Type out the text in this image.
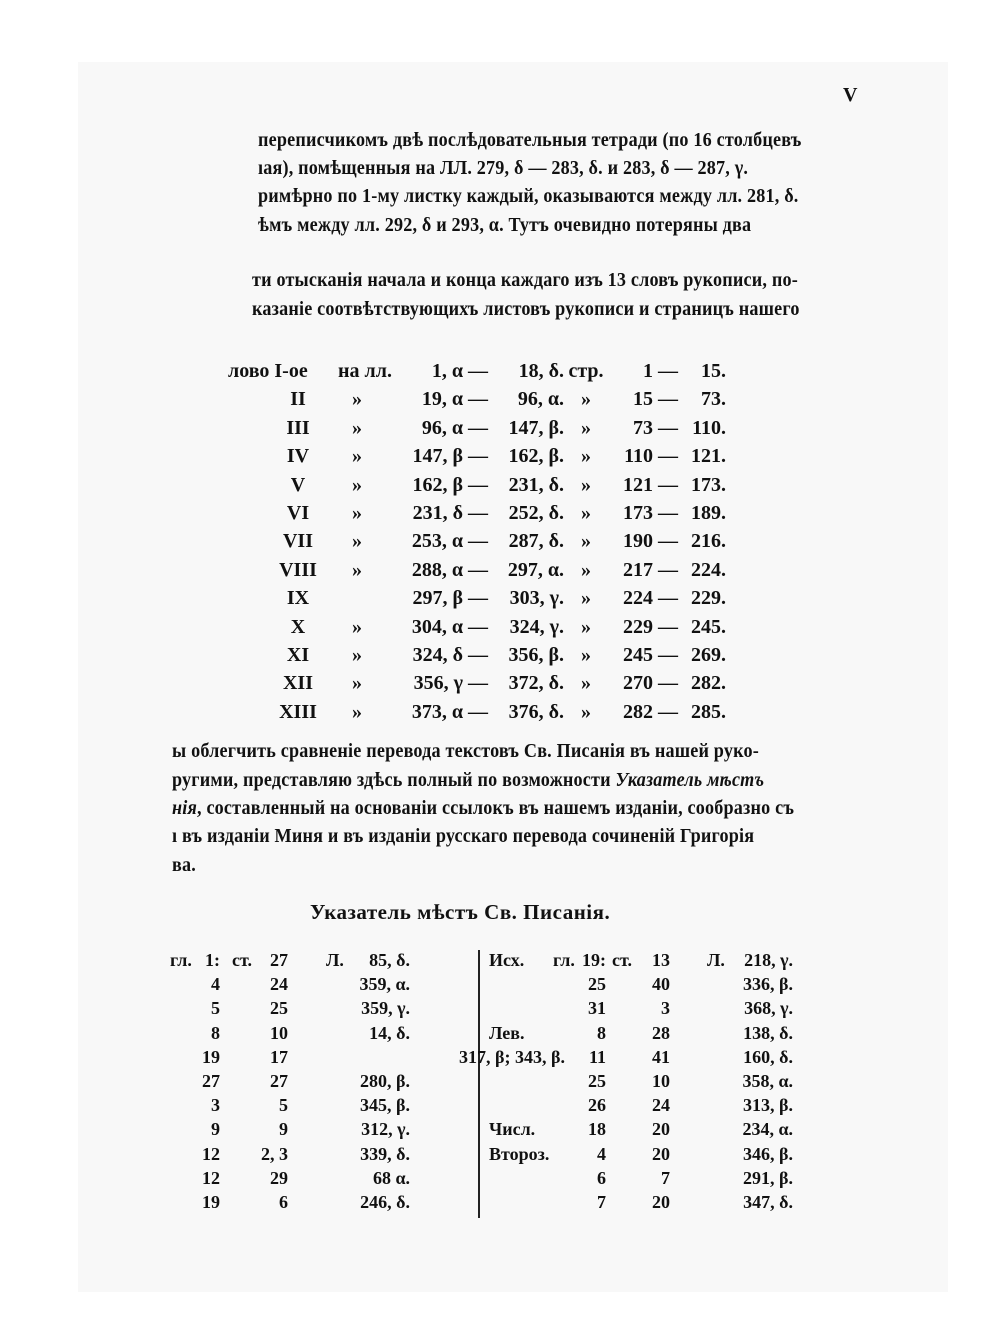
V
переписчикомъ двѣ послѣдовательныя тетради (по 16 столбцевъ
ıая), помѣщенныя на ЛЛ. 279, δ — 283, δ. и 283, δ — 287, γ.
римѣрно по 1-му листку каждый, оказываются между лл. 281, δ.
ѣмъ между лл. 292, δ и 293, α. Тутъ очевидно потеряны два
ти отысканія начала и конца каждаго изъ 13 словъ рукописи, по-
казаніе соотвѣтствующихъ листовъ рукописи и страницъ нашего
лово I-ое на лл. 1, α — 18, δ. стр. 1 — 15.
II	»	19, α — 96, α. »	15 — 73.
III	»	96, α — 147, β. »	73 — 110.
IV	»	147, β — 162, β. »	110 — 121.
V	»	162, β — 231, δ. »	121 — 173.
VI	»	231, δ — 252, δ. »	173 — 189.
VII	»	253, α — 287, δ. »	190 — 216.
VIII	»	288, α — 297, α. »	217 — 224.
IX	297, β — 303, γ. »	224 — 229.
X	»	304, α — 324, γ. »	229 — 245.
XI	»	324, δ — 356, β. »	245 — 269.
XII	»	356, γ — 372, δ. »	270 — 282.
XIII	»	373, α — 376, δ. »	282 — 285.
ы облегчить сравненіе перевода текстовъ Св. Писанія въ нашей руко-
ругими, представляю здѣсь полный по возможности Указатель мѣстъ
нія, составленный на основаніи ссылокъ въ нашемъ изданіи, сообразно съ
ı въ изданіи Миня и въ изданіи русскаго перевода сочиненій Григорія
ва.
Указатель мѣстъ Св. Писанія.
гл. 1: ст. 27 Л. 85, δ.	Исх. гл. 19: ст. 13 Л. 218, γ.
4	24	359, α.	25	40	336, β.
5	25	359, γ.	31	3	368, γ.
8	10	14, δ.	Лев.	8	28	138, δ.
19	17	317, β; 343, β. 11	41	160, δ.
27	27	280, β.	25	10	358, α.
3	5	345, β.	26	24	313, β.
9	9	312, γ.	Числ.	18	20	234, α.
12 2, 3	339, δ.	Второз.	4	20	346, β.
12	29	68 α.	6	7	291, β.
19	6	246, δ.	7	20	347, δ.
